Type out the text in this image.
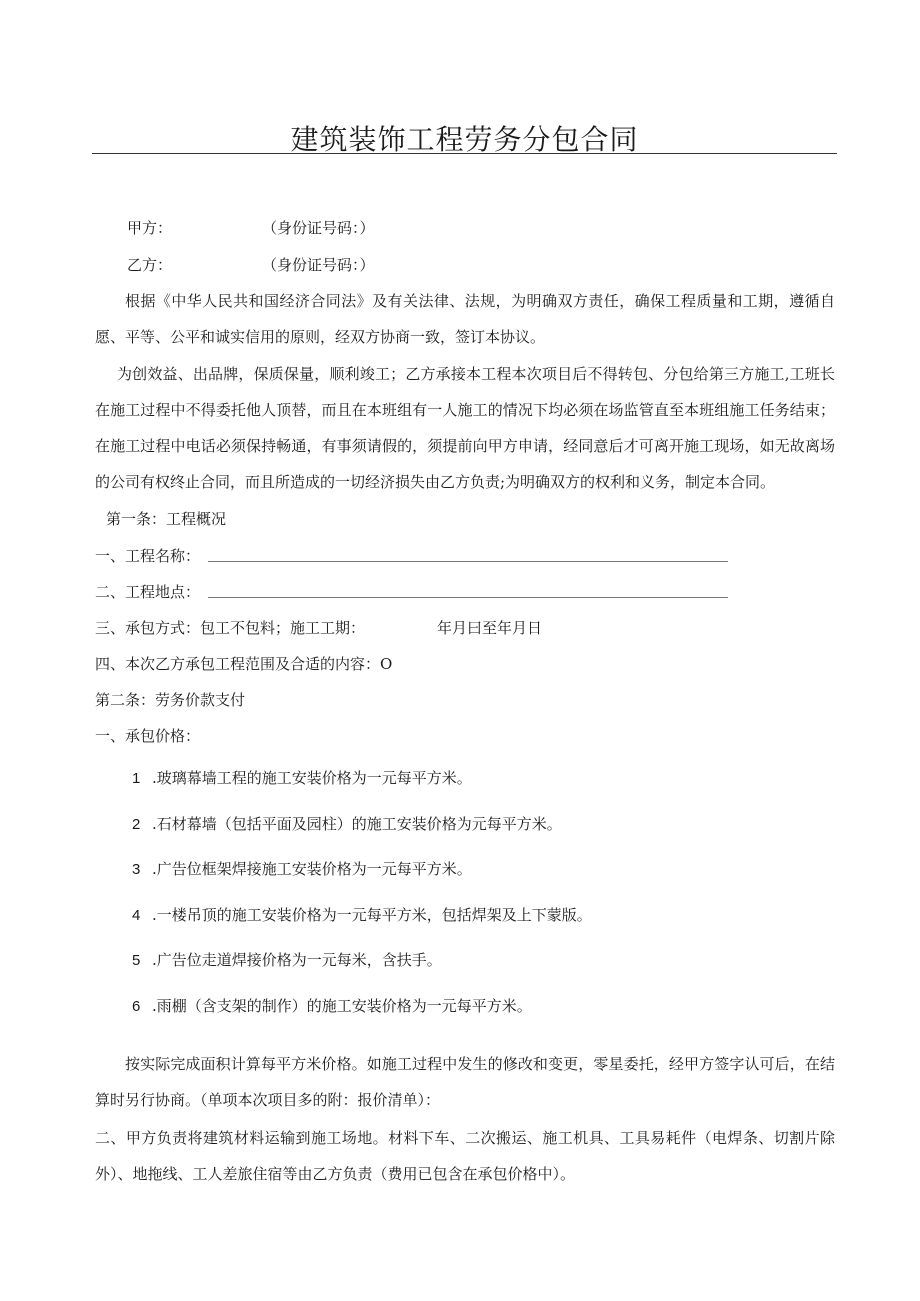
建筑装饰工程劳务分包合同
甲方：	（身份证号码：）
乙方：	（身份证号码：）
根据《中华人民共和国经济合同法》及有关法律、法规，为明确双方责任，确保工程质量和工期，遵循自愿、平等、公平和诚实信用的原则，经双方协商一致，签订本协议。
为创效益、出品牌，保质保量，顺利竣工；乙方承接本工程本次项目后不得转包、分包给第三方施工,工班长在施工过程中不得委托他人顶替，而且在本班组有一人施工的情况下均必须在场监管直至本班组施工任务结束；在施工过程中电话必须保持畅通，有事须请假的，须提前向甲方申请，经同意后才可离开施工现场，如无故离场的公司有权终止合同，而且所造成的一切经济损失由乙方负责;为明确双方的权利和义务，制定本合同。
第一条：工程概况
一、工程名称：
二、工程地点：
三、承包方式：包工不包料；施工工期：	年月曰至年月日
四、本次乙方承包工程范围及合适的内容：O
第二条：劳务价款支付
一、承包价格：
1 .玻璃幕墙工程的施工安装价格为一元每平方米。
2 .石材幕墙（包括平面及园柱）的施工安装价格为元每平方米。
3 .广告位框架焊接施工安装价格为一元每平方米。
4 .一楼吊顶的施工安装价格为一元每平方米，包括焊架及上下蒙版。
5 .广告位走道焊接价格为一元每米，含扶手。
6 .雨棚（含支架的制作）的施工安装价格为一元每平方米。
按实际完成面积计算每平方米价格。如施工过程中发生的修改和变更，零星委托，经甲方签字认可后，在结算时另行协商。（单项本次项目多的附：报价清单）：
二、甲方负责将建筑材料运输到施工场地。材料下车、二次搬运、施工机具、工具易耗件（电焊条、切割片除外）、地拖线、工人差旅住宿等由乙方负责（费用已包含在承包价格中）。
